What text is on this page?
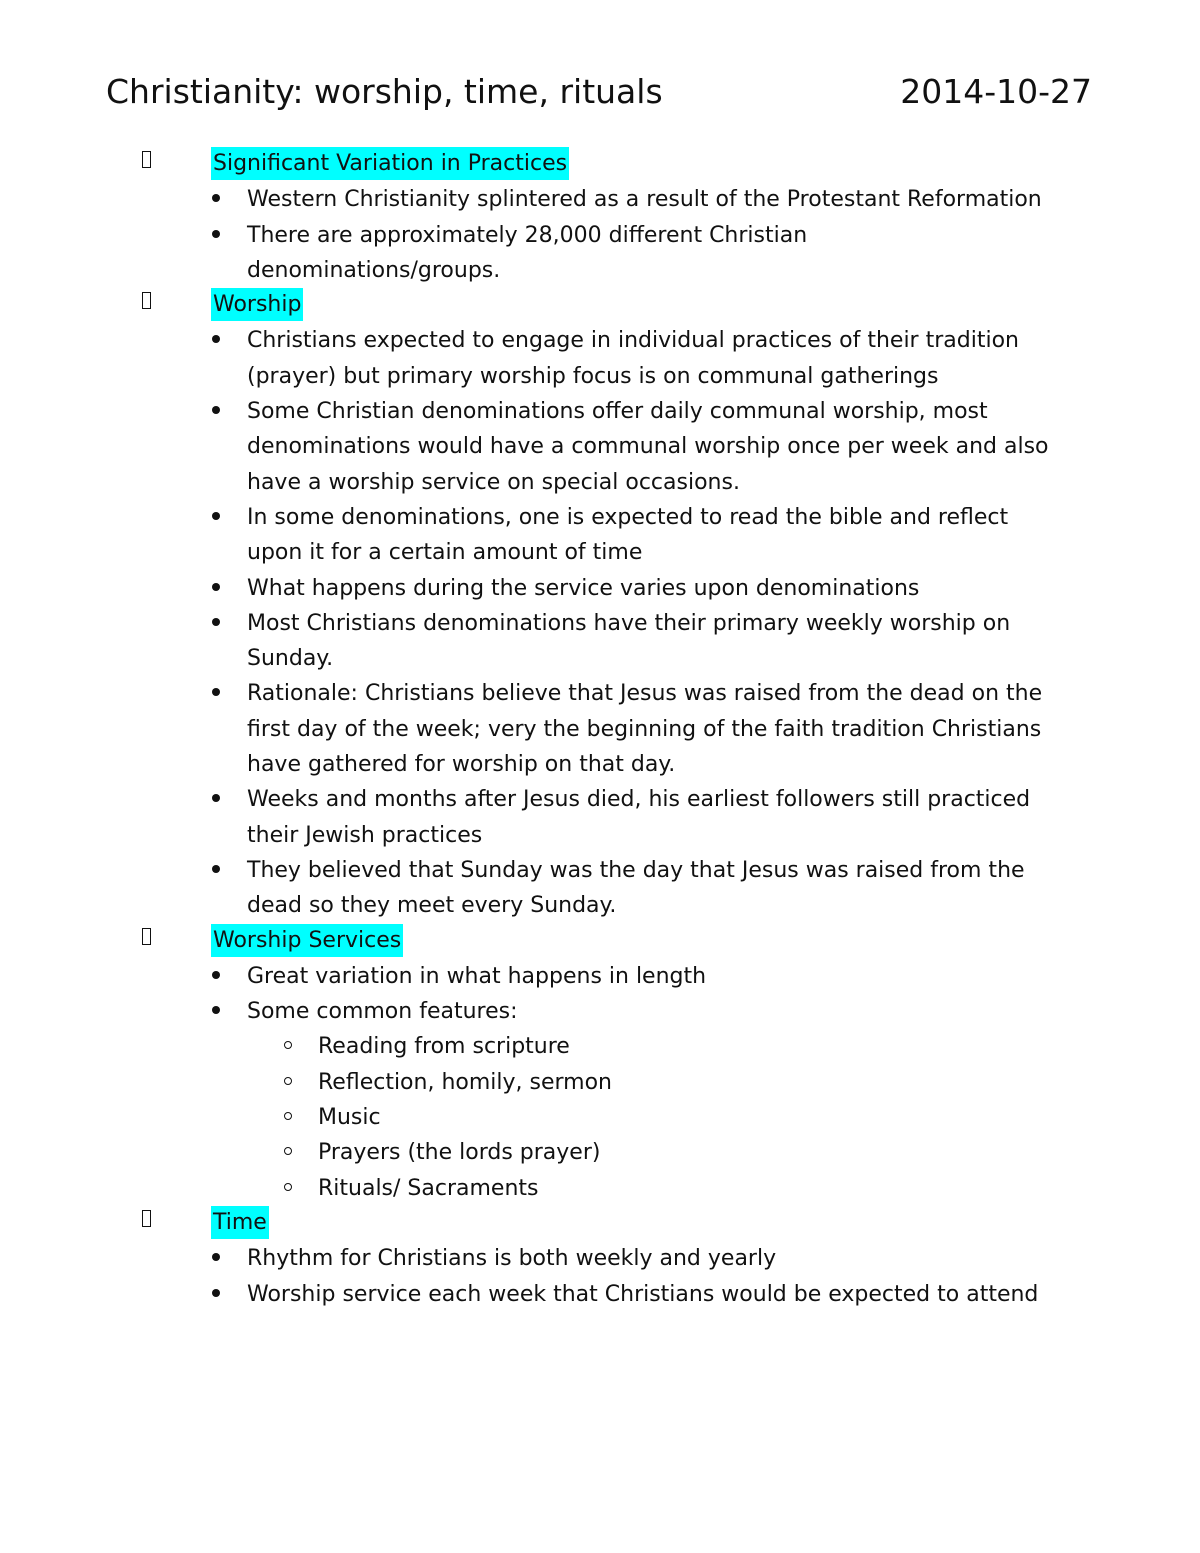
Christianity: worship, time, rituals	2014-10-27
Significant Variation in Practices
Western Christianity splintered as a result of the Protestant Reformation
There are approximately 28,000 different Christian denominations/groups.
Worship
Christians expected to engage in individual practices of their tradition (prayer) but primary worship focus is on communal gatherings
Some Christian denominations offer daily communal worship, most denominations would have a communal worship once per week and also have a worship service on special occasions.
In some denominations, one is expected to read the bible and reflect upon it for a certain amount of time
What happens during the service varies upon denominations
Most Christians denominations have their primary weekly worship on Sunday.
Rationale: Christians believe that Jesus was raised from the dead on the first day of the week; very the beginning of the faith tradition Christians have gathered for worship on that day.
Weeks and months after Jesus died, his earliest followers still practiced their Jewish practices
They believed that Sunday was the day that Jesus was raised from the dead so they meet every Sunday.
Worship Services
Great variation in what happens in length
Some common features:
Reading from scripture
Reflection, homily, sermon
Music
Prayers (the lords prayer)
Rituals/ Sacraments
Time
Rhythm for Christians is both weekly and yearly
Worship service each week that Christians would be expected to attend
